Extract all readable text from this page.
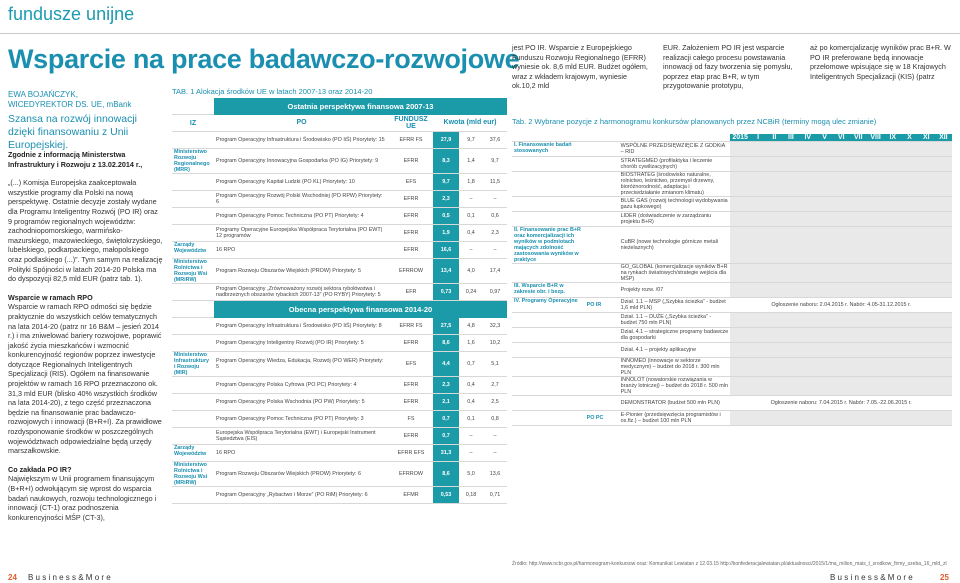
fundusze unijne
Wsparcie na prace badawczo-rozwojowe
EWA BOJAŃCZYK,
WICEDYREKTOR DS. UE, mBank
Szansa na rozwój innowacji dzięki finansowaniu z Unii Europejskiej.

Zgodnie z informacją Ministerstwa Infrastruktury i Rozwoju z 13.02.2014 r.,

„(...) Komisja Europejska zaakceptowała wszystkie programy dla Polski na nową perspektywę. Ostatnie decyzje zostały wydane dla Programu Inteligentny Rozwój (PO IR) oraz 9 programów regionalnych województw: zachodniopomorskiego, warmińsko-mazurskiego, mazowieckiego, świętokrzyskiego, lubelskiego, podkarpackiego, małopolskiego oraz podlaskiego (...)”. Tym samym na realizację Polityki Spójności w latach 2014-20 Polska ma do dyspozycji 82,5 mld EUR (patrz tab. 1).

Wsparcie w ramach RPO

Wsparcie w ramach RPO odmości się będzie praktycznie do wszystkich celów tematycznych na lata 2014-20 (patrz nr 16 B&M – jesień 2014 r.) i ma zniwelować bariery rozwojowe, poprawić jakość życia mieszkańców i wzmocnić konkurencyjność regionów poprzez inwestycje dotyczące Regionalnych Inteligentnych Specjalizacji (RIS). Ogółem na finansowanie projektów w ramach 16 RPO przeznaczono ok. 31,3 mld EUR (blisko 40% wszystkich środków na lata 2014-20), z tego część przeznaczona będzie na finansowanie prac badawczo-rozwojowych i innowacji (B+R+I). Za prawidłowe rozdysponowanie środków w poszczególnych województwach odpowiedzialne będą urzędy marszałkowskie.

Co zakłada PO IR?

Największym w Unii programem finansującym (B+R+I) odwołującym się wprost do wsparcia badań naukowych, rozwoju technologicznego i innowacji (CT-1) oraz podnoszenia konkurencyjności MŚP (CT-3),

TAB. 1 Alokacja środków UE w latach 2007-13 oraz 2014-20
	Ostatnia perspektywa finansowa 2007-13				
IZ	PO	FUNDUSZ UE	Kwota (mld eur)		
	Program Operacyjny Infrastruktura i Środowisko (PO IiŚ) Priorytety: 15	EFRR FS	27,9	9,7	37,6
Ministerstwo Rozwoju Regionalnego (MRR)	Program Operacyjny Innowacyjna Gospodarka (PO IG) Priorytety: 9	EFRR	8,3	1,4	9,7
	Program Operacyjny Kapitał Ludzki (PO KL) Priorytety: 10	EFS	9,7	1,8	11,5
	Program Operacyjny Rozwój Polski Wschodniej (PO RPW) Priorytety: 6	EFRR	2,3	–	–
	Program Operacyjny Pomoc Techniczna (PO PT) Priorytety: 4	EFRR	0,5	0,1	0,6
	Programy Operacyjne Europejska Współpraca Terytorialna (PO EWT) 12 programów	EFRR	1,9	0,4	2,3
Zarządy Województw	16 RPO	EFRR	16,6	–	–
Ministerstwo Rolnictwa i Rozwoju Wsi (MRiRW)	Program Rozwoju Obszarów Wiejskich (PROW) Priorytety: 5	EFRROW	13,4	4,0	17,4
	Program Operacyjny „Zrównoważony rozwój sektora rybołówstwa i nadbrzeżnych obszarów rybackich 2007-13” (PO RYBY) Priorytety: 5	EFR	0,73	0,24	0,97
	Obecna perspektywa finansowa 2014-20				
	Program Operacyjny Infrastruktura i Środowisko (PO IiŚ) Priorytety: 8	EFRR FS	27,5	4,8	32,3
	Program Operacyjny Inteligentny Rozwój (PO IR) Priorytety: 5	EFRR	8,6	1,6	10,2
Ministerstwo Infrastruktury i Rozwoju (MIR)	Program Operacyjny Wiedza, Edukacja, Rozwój (PO WER) Priorytety: 5	EFS	4,4	0,7	5,1
	Program Operacyjny Polska Cyfrowa (PO PC) Priorytety: 4	EFRR	2,3	0,4	2,7
	Program Operacyjny Polska Wschodnia (PO PW) Priorytety: 5	EFRR	2,1	0,4	2,5
	Program Operacyjny Pomoc Techniczna (PO PT) Priorytety: 3	FS	0,7	0,1	0,8
	Europejska Współpraca Terytorialna (EWT) i Europejski Instrument Sąsiedztwa (EIS)	EFRR	0,7	–	–
Zarządy Województw	16 RPO	EFRR EFS	31,3	–	–
Ministerstwo Rolnictwa i Rozwoju Wsi (MRiRW)	Program Rozwoju Obszarów Wiejskich (PROW) Priorytety: 6	EFRROW	8,6	5,0	13,6
	Program Operacyjny „Rybactwo i Morze” (PO RiM) Priorytety: 6	EFMR	0,53	0,18	0,71
jest PO IR. Wsparcie z Europejskiego Funduszu Rozwoju Regionalnego (EFRR) wyniesie ok. 8,6 mld EUR. Budżet ogółem, wraz z wkładem krajowym, wyniesie ok.10,2 mld
EUR. Założeniem PO IR jest wsparcie realizacji całego procesu powstawania innowacji od fazy tworzenia się pomysłu, poprzez etap prac B+R, w tym przygotowanie prototypu,
aż po komercjalizację wyników prac B+R. W PO IR preferowane będą innowacje przełomowe wpisujące się w 18 Krajowych Inteligentnych Specjalizacji (KIS) (patrz
Tab. 2 Wybrane pozycje z harmonogramu konkursów planowanych przez NCBiR (terminy mogą ulec zmianie)
			2015	I	II	III	IV	V	VI	VII	VIII	IX	X	XI	XII
I. Finansowanie badań stosowanych		WSPÓLNE PRZEDSIĘWZIĘCIE Z GDDKiA – RID													
		STRATEGMED (profilaktyka i leczenie chorób cywilizacyjnych)													
		BIOSTRATEG (środowisko naturalne, rolnictwo, leśnictwo, przemysł drzewny, bioróżnorodność, adaptacja i przeciwdziałanie zmianom klimatu)													
		BLUE GAS (rozwój technologii wydobywania gazu łupkowego)													
		LIDER (doświadczenie w zarządzaniu projektu B+R)													
II. Finansowanie prac B+R oraz komercjalizacji ich wyników w podmiotach mających zdolność zastosowania wyników w praktyce		CuBR (nowe technologie górnicze metali nieżelaznych)													
		GO_GLOBAL (komercjalizacje wyników B+R na rynkach światowych/strategie wejścia dla MŚP)													
III. Wsparcie B+R w zakresie obr. i bezp.		Projekty rozw. /07													
IV. Programy Operacyjne	PO IR	Dział. 1.1 – MSP („Szybka ścieżka” - budżet 1,6 mld PLN)	Ogłoszenie naboru: 2.04.2015 r. Nabór: 4.05-31.12.2015 r.												
		Dział. 1.1 – DUŻE („Szybka ścieżka” - budżet 750 mln PLN)													
		Dział. 4.1 – strategiczne programy badawcze dla gospodarki													
		Dział. 4.1 – projekty aplikacyjne													
		INNOMED (innowacje w sektorze medycznym) – budżet do 2018 r. 300 mln PLN													
		INNOLOT (nowatorskie rozwiązania w branży lotniczej) – budżet do 2018 r. 500 mln PLN													
		DEMONSTRATOR (budżet 500 mln PLN)	Ogłoszenie naboru: 7.04.2015 r. Nabór: 7.05.-22.06.2015 r.												
	PO PC	E-Pionier (przedsięwzięcia programistów i os.fiz.) – budżet 100 mln PLN													
Źródło: http://www.ncbr.gov.pl/harmonogram-konkursow oraz: Komunikat Lewiatan z 12.03.15 http://konfederacjalewiatan.pl/aktualnosci/2015/1/ma_milion_mais_t_srodkow_firmy_szeba_16_mld_zl
24 B u s i n e s s & M o r e	B u s i n e s s & M o r e	25
